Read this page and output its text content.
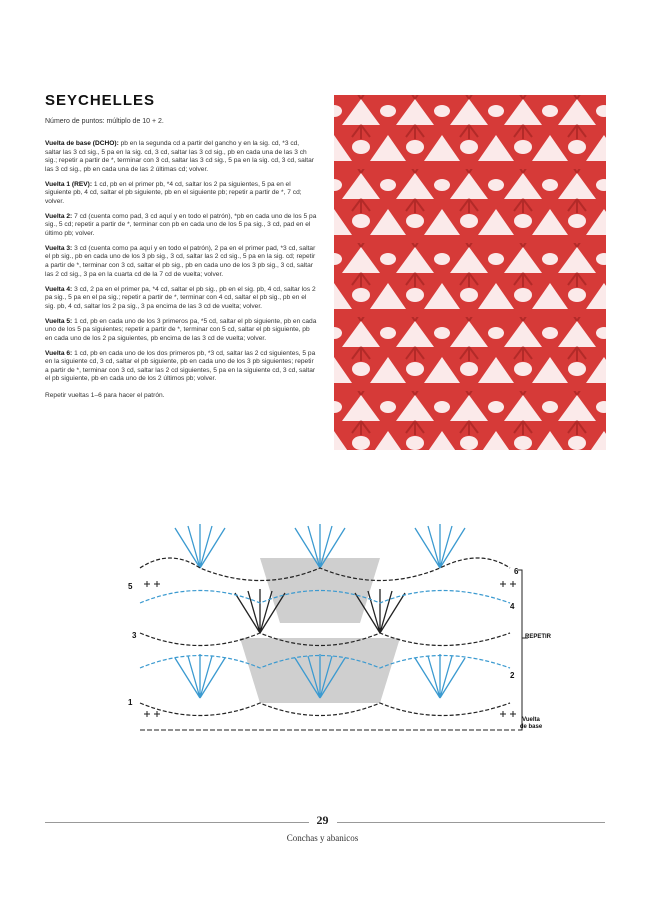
SEYCHELLES

Número de puntos: múltiplo de 10 + 2.

Vuelta de base (DCHO): pb en la segunda cd a partir del gancho y en la sig. cd, *3 cd, saltar las 3 cd sig., 5 pa en la sig. cd, 3 cd, saltar las 3 cd sig., pb en cada una de las 3 ch sig.; repetir a partir de *, terminar con 3 cd, saltar las 3 cd sig., 5 pa en la sig. cd, 3 cd, saltar las 3 cd sig., pb en cada una de las 2 últimas cd; volver.

Vuelta 1 (REV): 1 cd, pb en el primer pb, *4 cd, saltar los 2 pa siguientes, 5 pa en el siguiente pb, 4 cd, saltar el pb siguiente, pb en el siguiente pb; repetir a partir de *, 7 cd; volver.

Vuelta 2: 7 cd (cuenta como pad, 3 cd aquí y en todo el patrón), *pb en cada uno de los 5 pa sig., 5 cd; repetir a partir de *, terminar con pb en cada uno de los 5 pa sig., 3 cd, pad en el último pb; volver.

Vuelta 3: 3 cd (cuenta como pa aquí y en todo el patrón), 2 pa en el primer pad, *3 cd, saltar el pb sig., pb en cada uno de los 3 pb sig., 3 cd, saltar las 2 cd sig., 5 pa en la sig. cd; repetir a partir de *, terminar con 3 cd, saltar el pb sig., pb en cada uno de los 3 pb sig., 3 cd, saltar las 2 cd sig., 3 pa en la cuarta cd de la 7 cd de vuelta; volver.

Vuelta 4: 3 cd, 2 pa en el primer pa, *4 cd, saltar el pb sig., pb en el sig. pb, 4 cd, saltar los 2 pa sig., 5 pa en el pa sig.; repetir a partir de *, terminar con 4 cd, saltar el pb sig., pb en el sig. pb, 4 cd, saltar los 2 pa sig., 3 pa encima de las 3 cd de vuelta; volver.

Vuelta 5: 1 cd, pb en cada uno de los 3 primeros pa, *5 cd, saltar el pb siguiente, pb en cada uno de los 5 pa siguientes; repetir a partir de *, terminar con 5 cd, saltar el pb siguiente, pb en cada uno de los 2 pa siguientes, pb encima de las 3 cd de vuelta; volver.

Vuelta 6: 1 cd, pb en cada uno de los dos primeros pb, *3 cd, saltar las 2 cd siguientes, 5 pa en la siguiente cd, 3 cd, saltar el pb siguiente, pb en cada uno de los 3 pb siguientes; repetir a partir de *, terminar con 3 cd, saltar las 2 cd siguientes, 5 pa en la siguiente cd, 3 cd, saltar el pb siguiente, pb en cada uno de los 2 últimos pb; volver.

Repetir vueltas 1–6 para hacer el patrón.

5
3
1
6
4
2
REPETIR
Vuelta
de base
29
Conchas y abanicos
